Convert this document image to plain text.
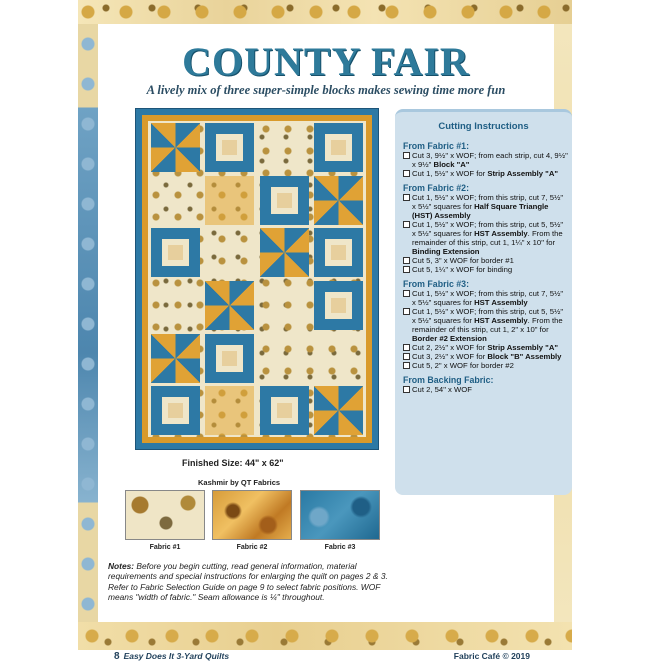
COUNTY FAIR
A lively mix of three super-simple blocks makes sewing time more fun
Finished Size: 44" x 62"
Kashmir by QT Fabrics
Fabric #1	Fabric #2	Fabric #3
Notes: Before you begin cutting, read general information, material requirements and special instructions for enlarging the quilt on pages 2 & 3. Refer to Fabric Selection Guide on page 9 to select fabric positions. WOF means "width of fabric." Seam allowance is ¼" throughout.
Cutting Instructions
From Fabric #1:
Cut 3, 9½" x WOF; from each strip, cut 4, 9½" x 9½" Block "A"
Cut 1, 5½" x WOF for Strip Assembly "A"
From Fabric #2:
Cut 1, 5½" x WOF; from this strip, cut 7, 5½" x 5½" squares for Half Square Triangle (HST) Assembly
Cut 1, 5½" x WOF; from this strip, cut 5, 5½" x 5½" squares for HST Assembly. From the remainder of this strip, cut 1, 1¼" x 10" for
Binding Extension
Cut 5, 3" x WOF for border #1
Cut 5, 1¼" x WOF for binding
From Fabric #3:
Cut 1, 5½" x WOF; from this strip, cut 7, 5½" x 5½" squares for HST Assembly
Cut 1, 5½" x WOF; from this strip, cut 5, 5½" x 5½" squares for HST Assembly. From the remainder of this strip, cut 1, 2" x 10" for
Border #2 Extension
Cut 2, 2½" x WOF for Strip Assembly "A"
Cut 3, 2½" x WOF for Block "B" Assembly
Cut 5, 2" x WOF for border #2
From Backing Fabric:
Cut 2, 54" x WOF
8 Easy Does It 3-Yard Quilts	Fabric Café © 2019
